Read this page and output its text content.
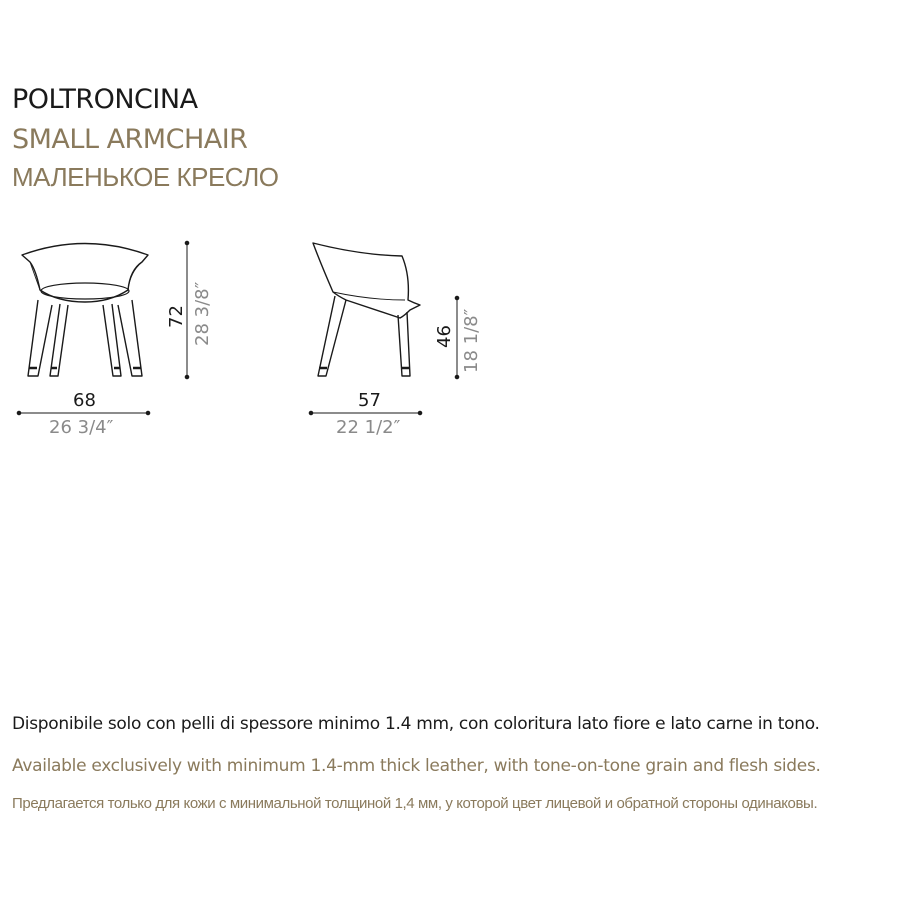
POLTRONCINA
SMALL ARMCHAIR
МАЛЕНЬКОЕ КРЕСЛО
72 28 3/8″
68
26 3/4″
46 18 1/8″
57
22 1/2″

Disponibile solo con pelli di spessore minimo 1.4 mm, con coloritura lato fiore e lato carne in tono.

Available exclusively with minimum 1.4-mm thick leather, with tone-on-tone grain and flesh sides.

Предлагается только для кожи с минимальной толщиной 1,4 мм, у которой цвет лицевой и обратной стороны одинаковы.
